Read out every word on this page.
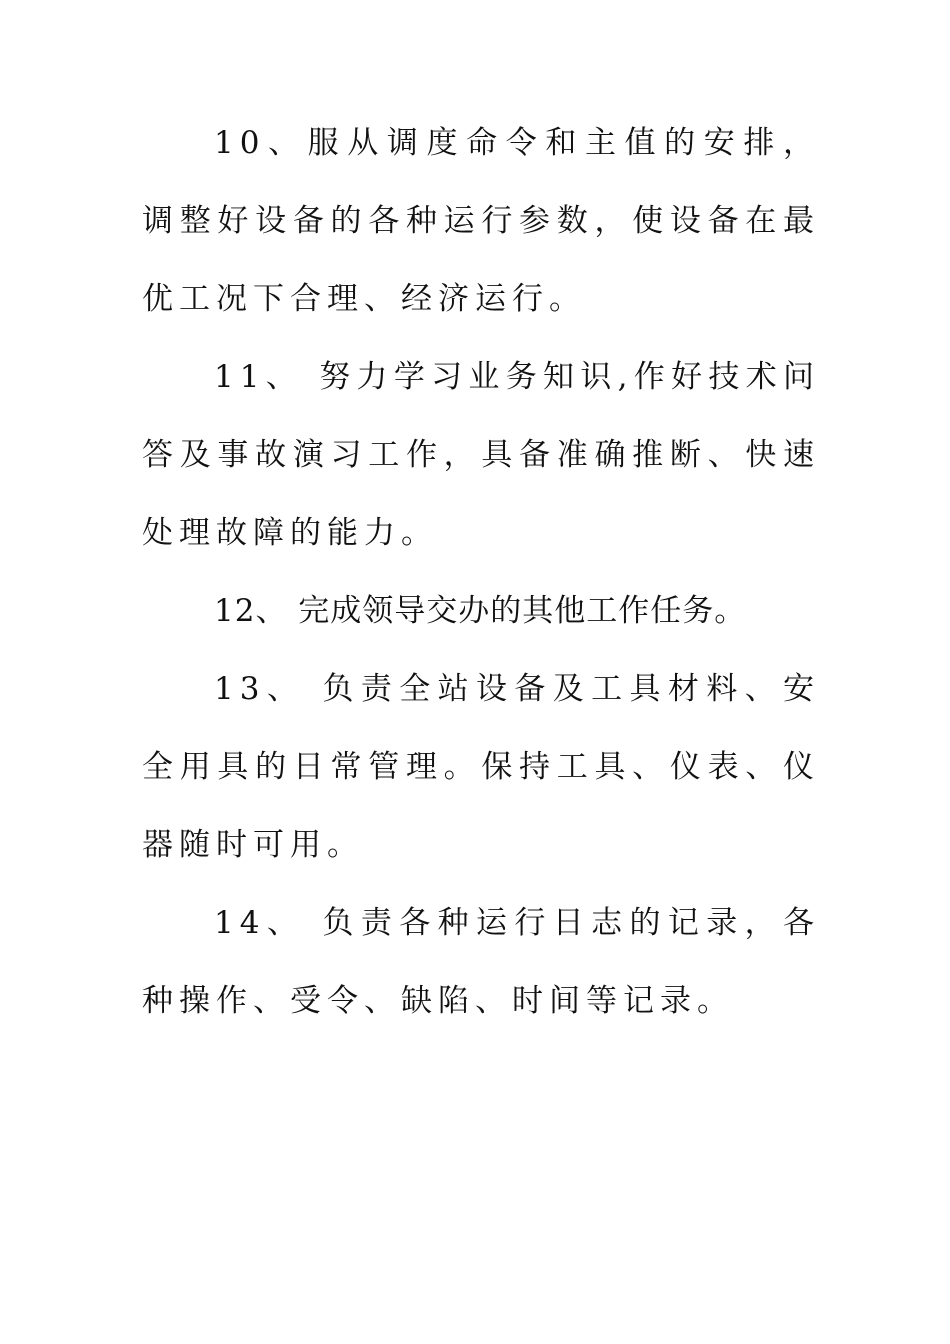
10、服从调度命令和主值的安排，调整好设备的各种运行参数，使设备在最优工况下合理、经济运行。

11、 努力学习业务知识,作好技术问答及事故演习工作，具备准确推断、快速处理故障的能力。

12、 完成领导交办的其他工作任务。

13、 负责全站设备及工具材料、安全用具的日常管理。保持工具、仪表、仪器随时可用。

14、 负责各种运行日志的记录，各种操作、受令、缺陷、时间等记录。
